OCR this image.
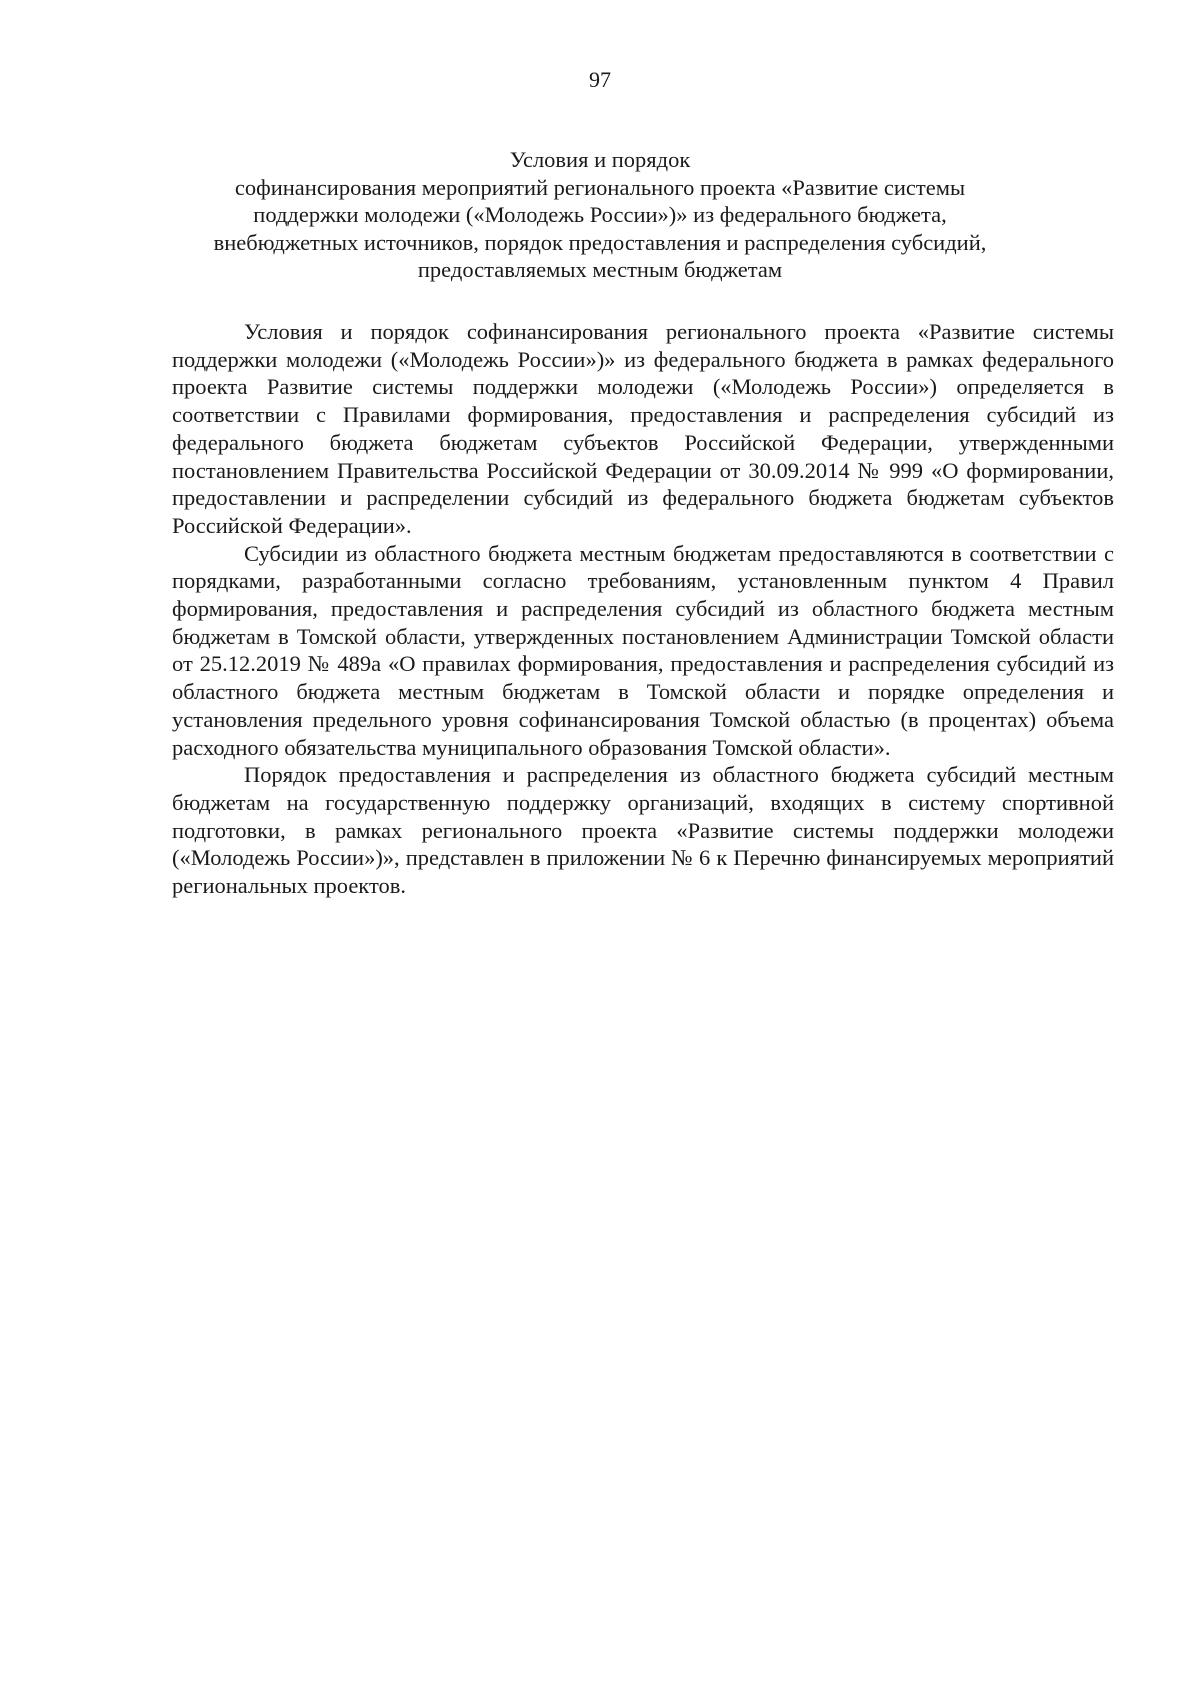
97
Условия и порядок
софинансирования мероприятий регионального проекта «Развитие системы
поддержки молодежи («Молодежь России»)» из федерального бюджета,
внебюджетных источников, порядок предоставления и распределения субсидий,
предоставляемых местным бюджетам

Условия и порядок софинансирования регионального проекта «Развитие системы поддержки молодежи («Молодежь России»)» из федерального бюджета в рамках федерального проекта Развитие системы поддержки молодежи («Молодежь России») определяется в соответствии с Правилами формирования, предоставления и распределения субсидий из федерального бюджета бюджетам субъектов Российской Федерации, утвержденными постановлением Правительства Российской Федерации от 30.09.2014 № 999 «О формировании, предоставлении и распределении субсидий из федерального бюджета бюджетам субъектов Российской Федерации».

Субсидии из областного бюджета местным бюджетам предоставляются в соответствии с порядками, разработанными согласно требованиям, установленным пунктом 4 Правил формирования, предоставления и распределения субсидий из областного бюджета местным бюджетам в Томской области, утвержденных постановлением Администрации Томской области от 25.12.2019 № 489а «О правилах формирования, предоставления и распределения субсидий из областного бюджета местным бюджетам в Томской области и порядке определения и установления предельного уровня софинансирования Томской областью (в процентах) объема расходного обязательства муниципального образования Томской области».

Порядок предоставления и распределения из областного бюджета субсидий местным бюджетам на государственную поддержку организаций, входящих в систему спортивной подготовки, в рамках регионального проекта «Развитие системы поддержки молодежи («Молодежь России»)», представлен в приложении № 6 к Перечню финансируемых мероприятий региональных проектов.
